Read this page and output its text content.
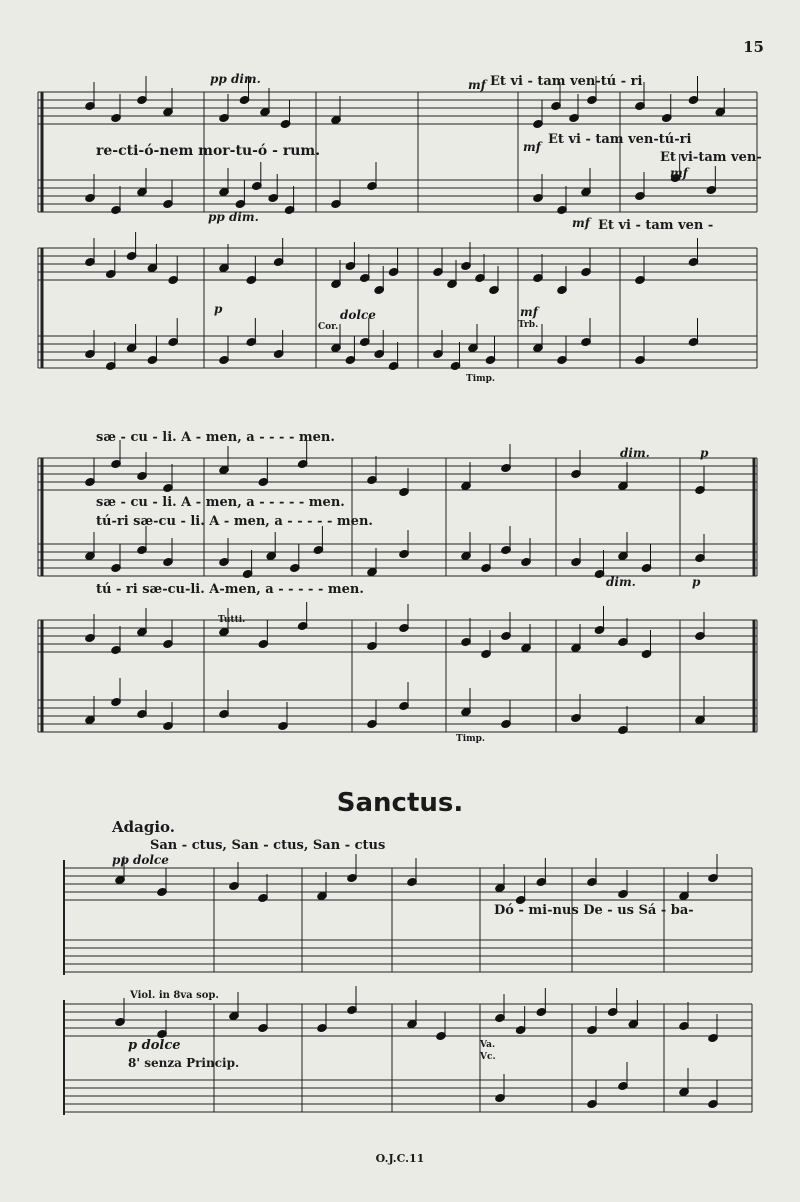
15
pp dim.
pp dim.
mf Et vi - tam ven-tú - ri
mf Et vi - tam ven-tú-ri
mf
Et vi-tam ven-
mf Et vi - tam ven -
re-cti-ó-nem mor-tu-ó - rum.
p	dolce
Cor.
mf
Trb.
Timp.
sæ - cu - li. A - men, a - - - - men.
dim.	p
sæ - cu - li. A - men, a - - - - - men.
tú-ri sæ-cu - li. A - men, a - - - - - men.
tú - ri sæ-cu-li. A-men, a - - - - - men.	dim.	p
Tutti.
Timp.
Sanctus.
Adagio.
San - ctus, San - ctus, San - ctus
pp dolce
Dó - mi-nus De - us Sá - ba-
Viol. in 8va sop.
p dolce
8' senza Princip.
Va.
Vc.
O.J.C.11
